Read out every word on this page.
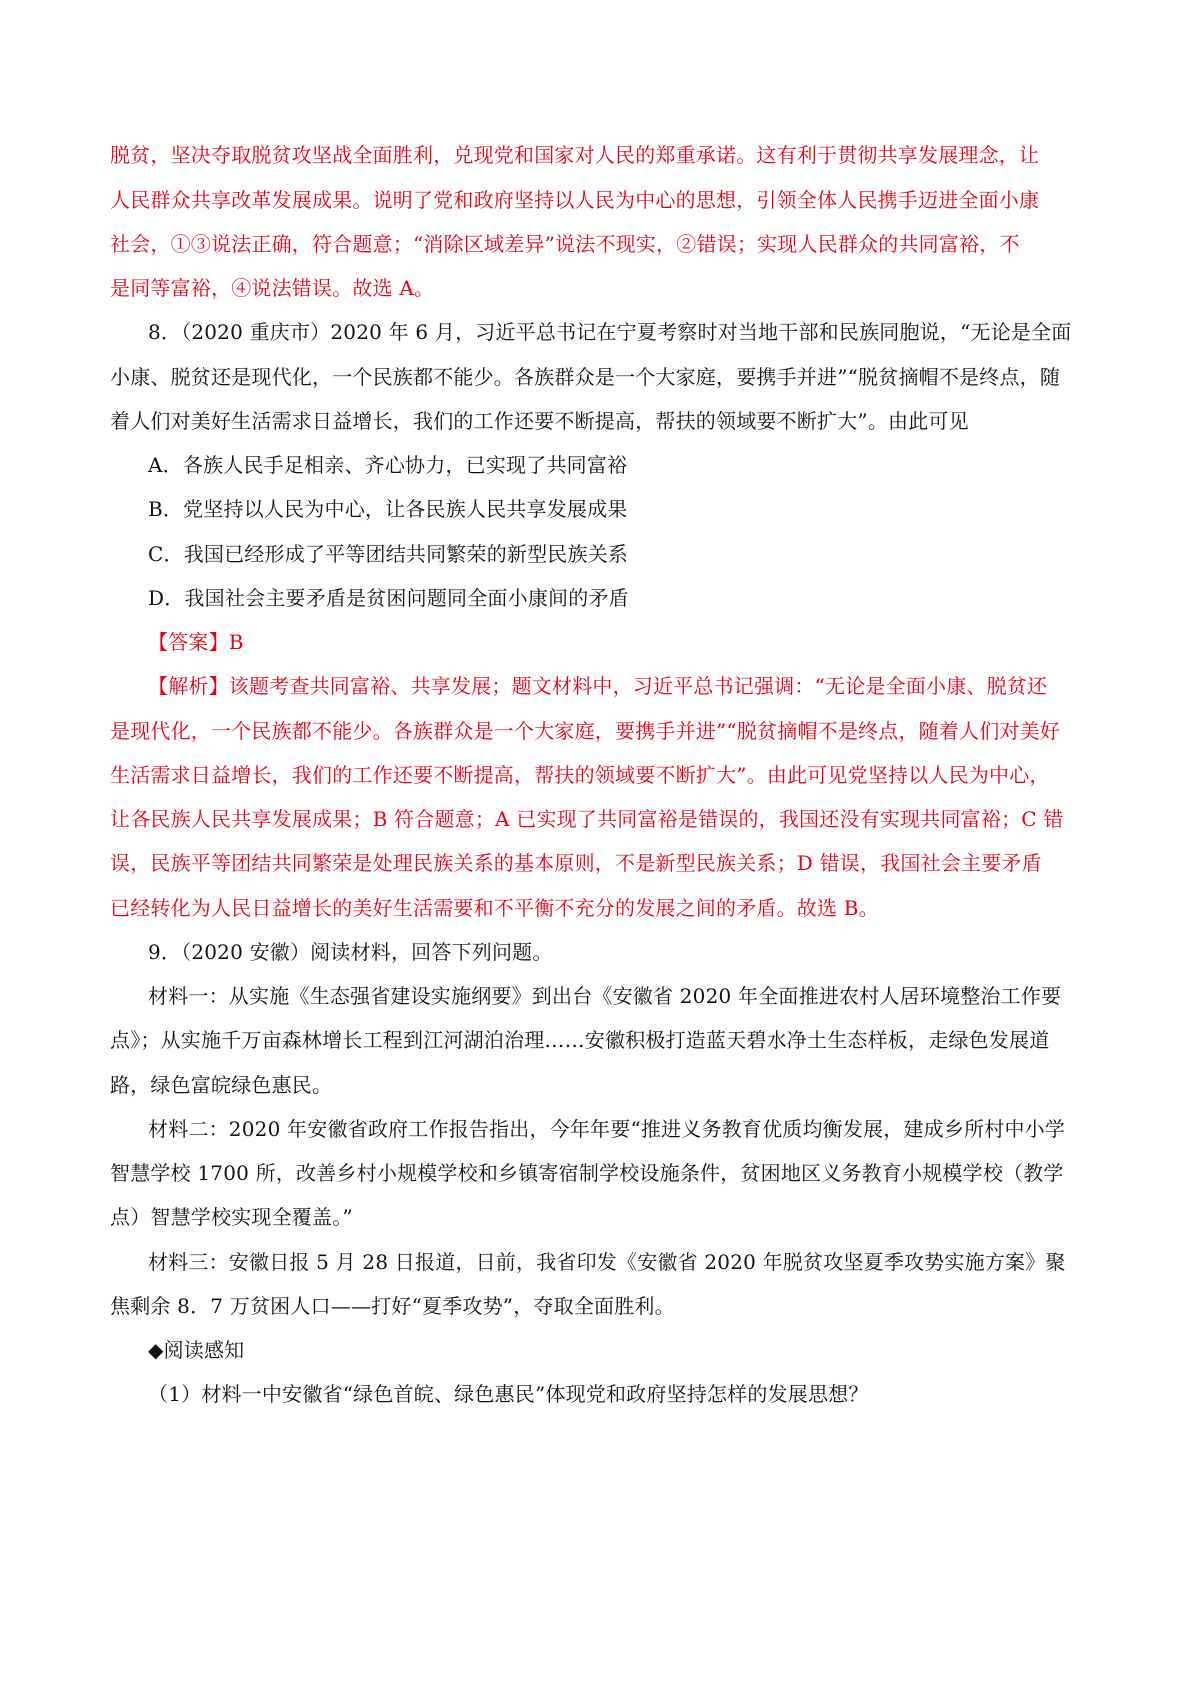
脱贫，坚决夺取脱贫攻坚战全面胜利，兑现党和国家对人民的郑重承诺。这有利于贯彻共享发展理念，让
人民群众共享改革发展成果。说明了党和政府坚持以人民为中心的思想，引领全体人民携手迈进全面小康
社会，①③说法正确，符合题意；“消除区域差异”说法不现实，②错误；实现人民群众的共同富裕，不
是同等富裕，④说法错误。故选 A。
8．（2020 重庆市）2020 年 6 月，习近平总书记在宁夏考察时对当地干部和民族同胞说，“无论是全面
小康、脱贫还是现代化，一个民族都不能少。各族群众是一个大家庭，要携手并进”“脱贫摘帽不是终点，随
着人们对美好生活需求日益增长，我们的工作还要不断提高，帮扶的领域要不断扩大”。由此可见
A．各族人民手足相亲、齐心协力，已实现了共同富裕
B．党坚持以人民为中心，让各民族人民共享发展成果
C．我国已经形成了平等团结共同繁荣的新型民族关系
D．我国社会主要矛盾是贫困问题同全面小康间的矛盾
【答案】B
【解析】该题考查共同富裕、共享发展；题文材料中，习近平总书记强调：“无论是全面小康、脱贫还
是现代化，一个民族都不能少。各族群众是一个大家庭，要携手并进”“脱贫摘帽不是终点，随着人们对美好
生活需求日益增长，我们的工作还要不断提高，帮扶的领域要不断扩大”。由此可见党坚持以人民为中心，
让各民族人民共享发展成果；B 符合题意；A 已实现了共同富裕是错误的，我国还没有实现共同富裕；C 错
误，民族平等团结共同繁荣是处理民族关系的基本原则，不是新型民族关系；D 错误，我国社会主要矛盾
已经转化为人民日益增长的美好生活需要和不平衡不充分的发展之间的矛盾。故选 B。
9．（2020 安徽）阅读材料，回答下列问题。
材料一：从实施《生态强省建设实施纲要》到出台《安徽省 2020 年全面推进农村人居环境整治工作要
点》；从实施千万亩森林增长工程到江河湖泊治理……安徽积极打造蓝天碧水净土生态样板，走绿色发展道
路，绿色富皖绿色惠民。
材料二：2020 年安徽省政府工作报告指出，今年年要“推进义务教育优质均衡发展，建成乡所村中小学
智慧学校 1700 所，改善乡村小规模学校和乡镇寄宿制学校设施条件，贫困地区义务教育小规模学校（教学
点）智慧学校实现全覆盖。”
材料三：安徽日报 5 月 28 日报道，日前，我省印发《安徽省 2020 年脱贫攻坚夏季攻势实施方案》聚
焦剩余 8．7 万贫困人口——打好“夏季攻势”，夺取全面胜利。
◆阅读感知
（1）材料一中安徽省“绿色首皖、绿色惠民”体现党和政府坚持怎样的发展思想？
